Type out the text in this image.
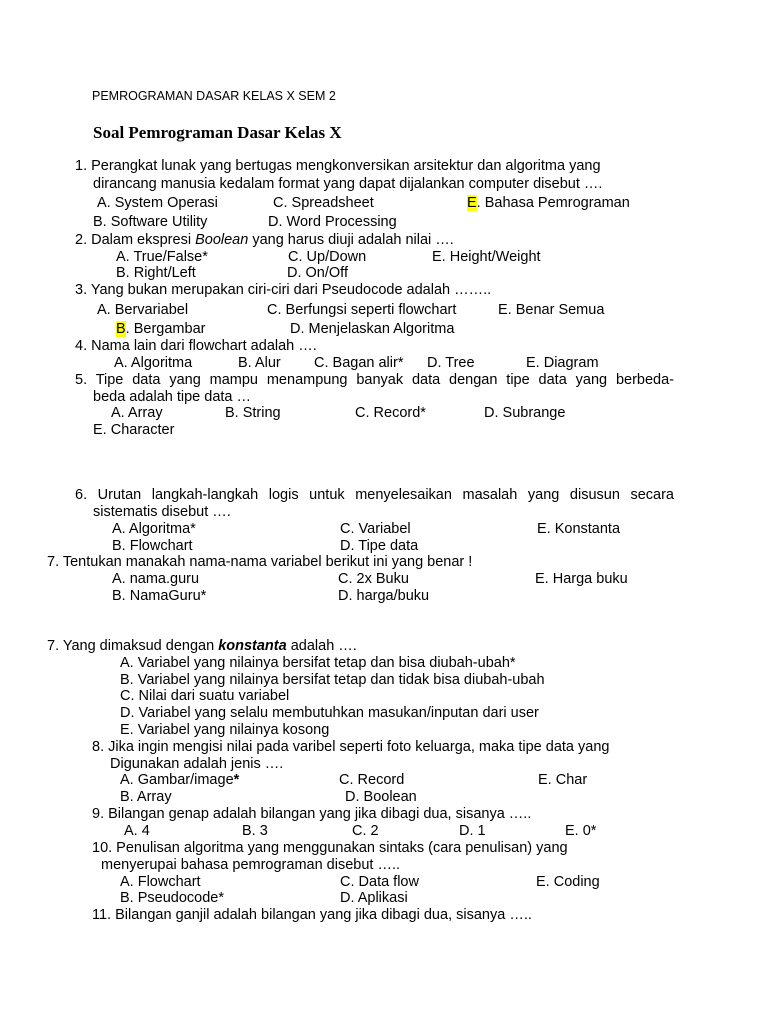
PEMROGRAMAN DASAR KELAS X SEM 2
Soal Pemrograman Dasar Kelas X
1. Perangkat lunak yang bertugas mengkonversikan arsitektur dan algoritma yang
dirancang manusia kedalam format yang dapat dijalankan computer disebut ….
A. System Operasi	C. Spreadsheet	E. Bahasa Pemrograman
B. Software Utility	D. Word Processing
2. Dalam ekspresi Boolean yang harus diuji adalah nilai ….
A. True/False*	C. Up/Down	E. Height/Weight
B. Right/Left	D. On/Off
3. Yang bukan merupakan ciri-ciri dari Pseudocode adalah ……..
A. Bervariabel	C. Berfungsi seperti flowchart	E. Benar Semua
B. Bergambar	D. Menjelaskan Algoritma
4. Nama lain dari flowchart adalah ….
A. Algoritma	B. Alur C. Bagan alir* D. Tree	E. Diagram
5. Tipe data yang mampu menampung banyak data dengan tipe data yang berbeda-
beda adalah tipe data …
A. Array	B. String	C. Record*	D. Subrange
E. Character
6. Urutan langkah-langkah logis untuk menyelesaikan masalah yang disusun secara
sistematis disebut ….
A. Algoritma*	C. Variabel	E. Konstanta
B. Flowchart	D. Tipe data
7. Tentukan manakah nama-nama variabel berikut ini yang benar !
A. nama.guru	C. 2x Buku	E. Harga buku
B. NamaGuru*	D. harga/buku
7. Yang dimaksud dengan konstanta adalah ….
A. Variabel yang nilainya bersifat tetap dan bisa diubah-ubah*
B. Variabel yang nilainya bersifat tetap dan tidak bisa diubah-ubah
C. Nilai dari suatu variabel
D. Variabel yang selalu membutuhkan masukan/inputan dari user
E. Variabel yang nilainya kosong
8. Jika ingin mengisi nilai pada varibel seperti foto keluarga, maka tipe data yang
Digunakan adalah jenis ….
A. Gambar/image*	C. Record	E. Char
B. Array	D. Boolean
9. Bilangan genap adalah bilangan yang jika dibagi dua, sisanya …..
A. 4	B. 3	C. 2	D. 1	E. 0*
10. Penulisan algoritma yang menggunakan sintaks (cara penulisan) yang
menyerupai bahasa pemrograman disebut …..
A. Flowchart	C. Data flow	E. Coding
B. Pseudocode*	D. Aplikasi
11. Bilangan ganjil adalah bilangan yang jika dibagi dua, sisanya …..
